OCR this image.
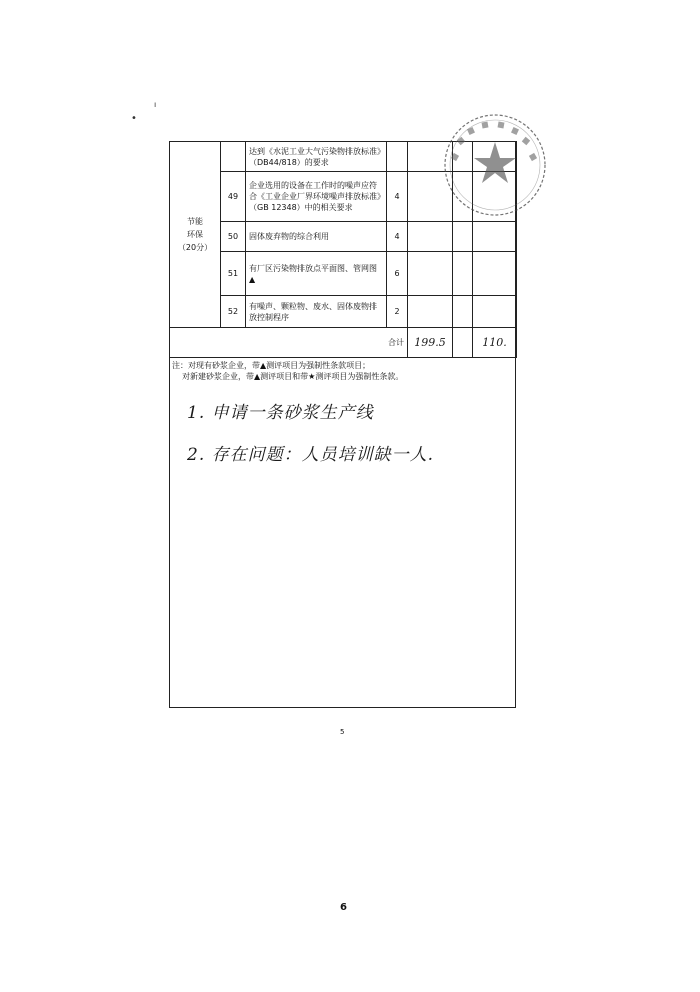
•
ı
节能
环保
（20分）		达到《水泥工业大气污染物排放标准》（DB44/818）的要求				
	49	企业选用的设备在工作时的噪声应符合《工业企业厂界环境噪声排放标准》（GB 12348）中的相关要求	4			
	50	固体废弃物的综合利用	4			
	51	有厂区污染物排放点平面图、管网图▲	6			
	52	有噪声、颗粒物、废水、固体废物排放控制程序	2			
合计				199.5		110.
注：对现有砂浆企业，带▲测评项目为强制性条款项目；
对新建砂浆企业，带▲测评项目和带★测评项目为强制性条款。
1. 申请一条砂浆生产线
2. 存在问题：人员培训缺一人.
5
6
